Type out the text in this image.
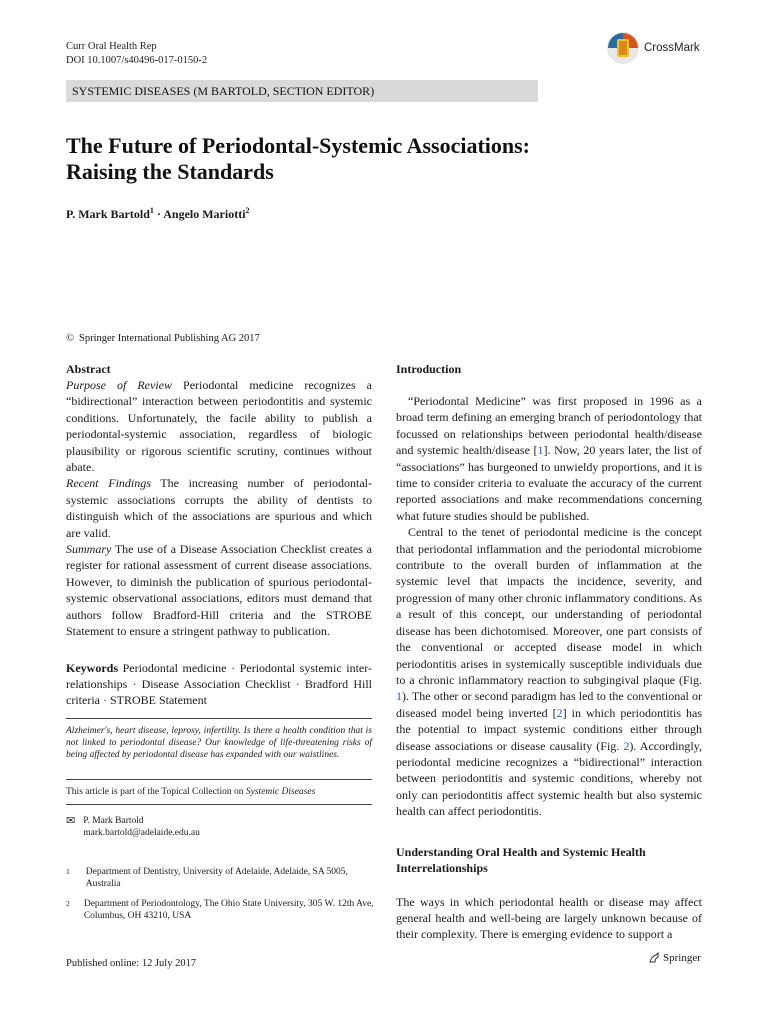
Curr Oral Health Rep
DOI 10.1007/s40496-017-0150-2
CrossMark
SYSTEMIC DISEASES (M BARTOLD, SECTION EDITOR)
The Future of Periodontal-Systemic Associations:
Raising the Standards
P. Mark Bartold$^1$ · Angelo Mariotti$^2$
© Springer International Publishing AG 2017

Abstract

Purpose of Review Periodontal medicine recognizes a “bidirectional” interaction between periodontitis and systemic conditions. Unfortunately, the facile ability to publish a periodontal-systemic association, regardless of biologic plausibility or rigorous scientific scrutiny, continues without abate.

Recent Findings The increasing number of periodontal-systemic associations corrupts the ability of dentists to distinguish which of the associations are spurious and which are valid.

Summary The use of a Disease Association Checklist creates a register for rational assessment of current disease associations. However, to diminish the publication of spurious periodontal-systemic observational associations, editors must demand that authors follow Bradford-Hill criteria and the STROBE Statement to ensure a stringent pathway to publication.

Keywords Periodontal medicine · Periodontal systemic inter-relationships · Disease Association Checklist · Bradford Hill criteria · STROBE Statement

Alzheimer's, heart disease, leprosy, infertility. Is there a health condition that is not linked to periodontal disease? Our knowledge of life-threatening risks of being affected by periodontal disease has expanded with our waistlines.

This article is part of the Topical Collection on Systemic Diseases
✉ P. Mark Bartold
mark.bartold@adelaide.edu.au
1	Department of Dentistry, University of Adelaide, Adelaide, SA 5005, Australia
2 Department of Periodontology, The Ohio State University, 305 W. 12th Ave, Columbus, OH 43210, USA
Published online: 12 July 2017	Springer

Introduction

“Periodontal Medicine” was first proposed in 1996 as a broad term defining an emerging branch of periodontology that focussed on relationships between periodontal health/disease and systemic health/disease [1]. Now, 20 years later, the list of “associations” has burgeoned to unwieldy proportions, and it is time to consider criteria to evaluate the accuracy of the current reported associations and make recommendations concerning what future studies should be published.

Central to the tenet of periodontal medicine is the concept that periodontal inflammation and the periodontal microbiome contribute to the overall burden of inflammation at the systemic level that impacts the incidence, severity, and progression of many other chronic inflammatory conditions. As a result of this concept, our understanding of periodontal disease has been dichotomised. Moreover, one part consists of the conventional or accepted disease model in which periodontitis arises in systemically susceptible individuals due to a chronic inflammatory reaction to subgingival plaque (Fig. 1). The other or second paradigm has led to the conventional or diseased model being inverted [2] in which periodontitis has the potential to impact systemic conditions either through disease associations or disease causality (Fig. 2). Accordingly, periodontal medicine recognizes a “bidirectional” interaction between periodontitis and systemic conditions, whereby not only can periodontitis affect systemic health but also systemic health can affect periodontitis.

Understanding Oral Health and Systemic Health Interrelationships

The ways in which periodontal health or disease may affect general health and well-being are largely unknown because of their complexity. There is emerging evidence to support a
